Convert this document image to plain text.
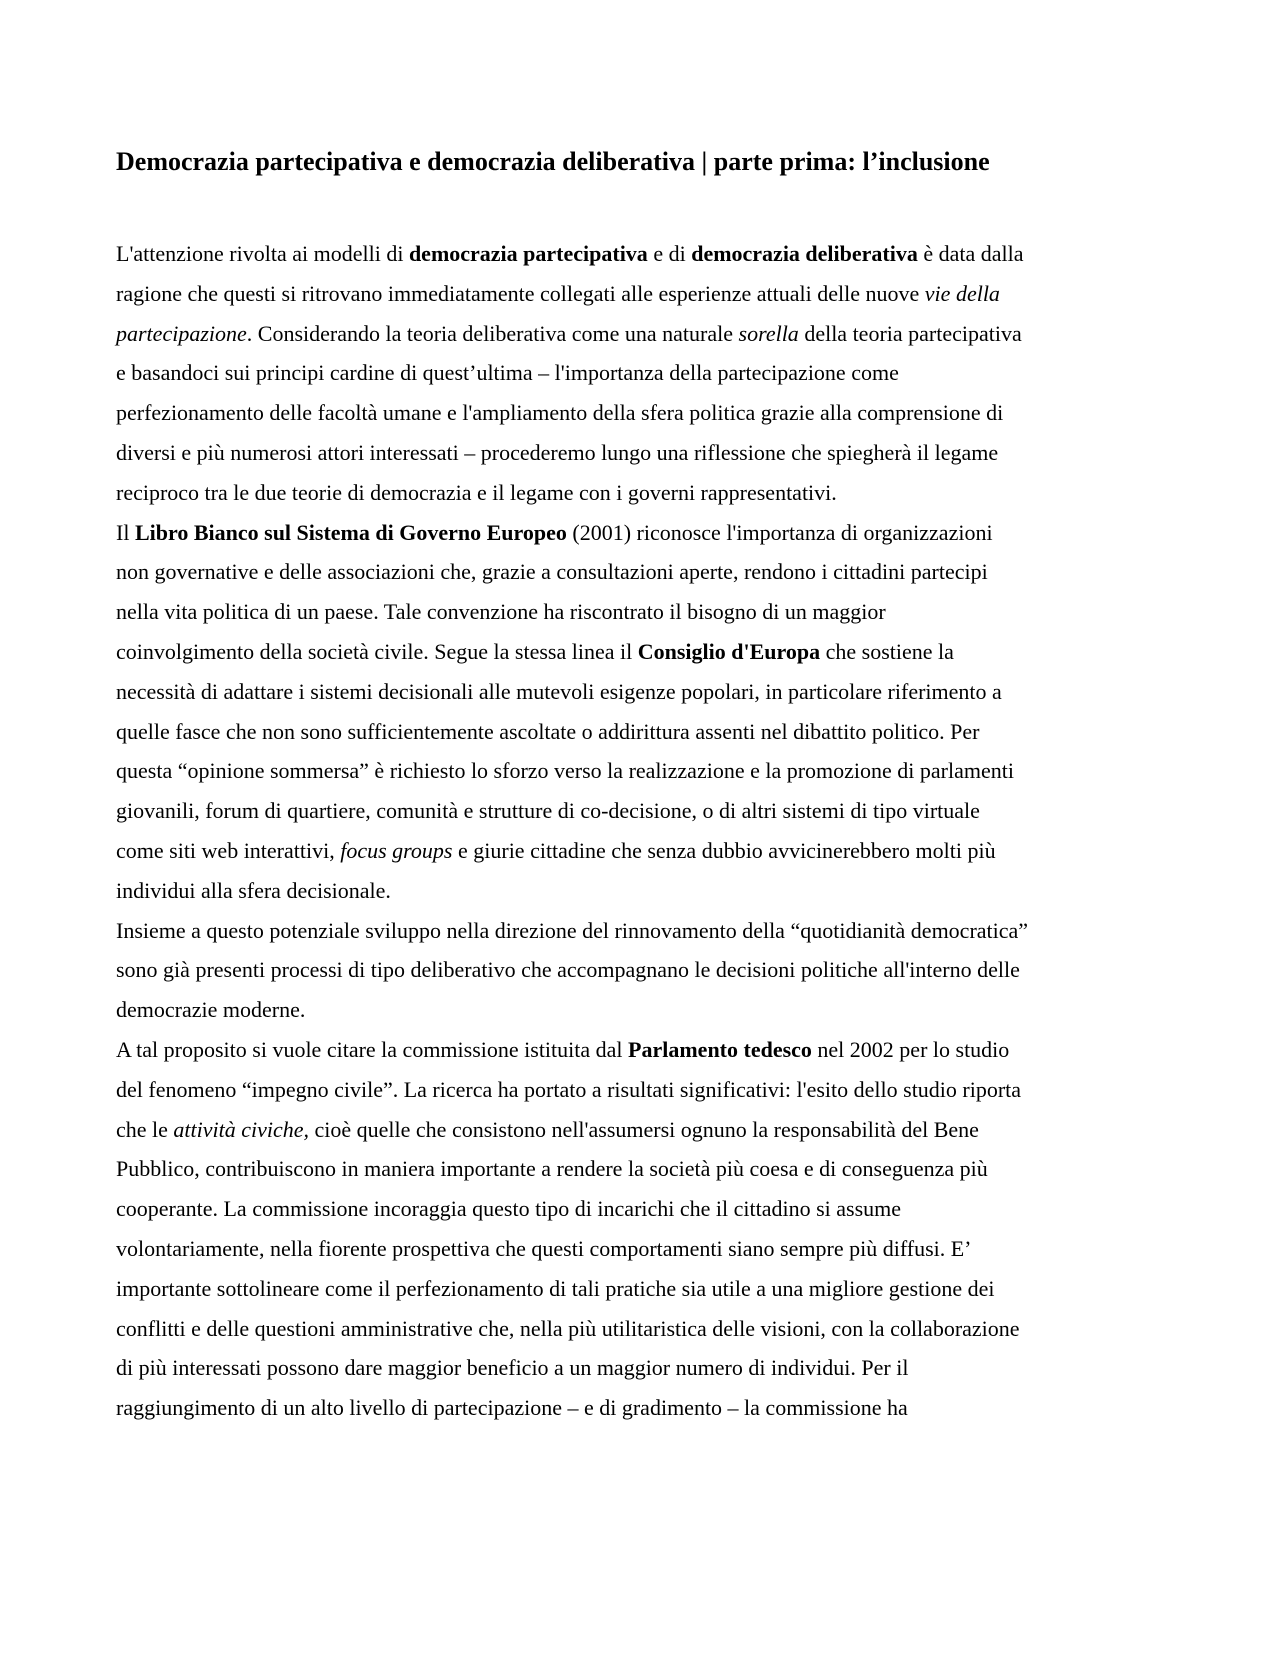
Democrazia partecipativa e democrazia deliberativa | parte prima: l’inclusione

L'attenzione rivolta ai modelli di democrazia partecipativa e di democrazia deliberativa è data dalla

ragione che questi si ritrovano immediatamente collegati alle esperienze attuali delle nuove vie della

partecipazione. Considerando la teoria deliberativa come una naturale sorella della teoria partecipativa

e basandoci sui principi cardine di quest’ultima – l'importanza della partecipazione come

perfezionamento delle facoltà umane e l'ampliamento della sfera politica grazie alla comprensione di

diversi e più numerosi attori interessati – procederemo lungo una riflessione che spiegherà il legame

reciproco tra le due teorie di democrazia e il legame con i governi rappresentativi.

Il Libro Bianco sul Sistema di Governo Europeo (2001) riconosce l'importanza di organizzazioni

non governative e delle associazioni che, grazie a consultazioni aperte, rendono i cittadini partecipi

nella vita politica di un paese. Tale convenzione ha riscontrato il bisogno di un maggior

coinvolgimento della società civile. Segue la stessa linea il Consiglio d'Europa che sostiene la

necessità di adattare i sistemi decisionali alle mutevoli esigenze popolari, in particolare riferimento a

quelle fasce che non sono sufficientemente ascoltate o addirittura assenti nel dibattito politico. Per

questa “opinione sommersa” è richiesto lo sforzo verso la realizzazione e la promozione di parlamenti

giovanili, forum di quartiere, comunità e strutture di co-decisione, o di altri sistemi di tipo virtuale

come siti web interattivi, focus groups e giurie cittadine che senza dubbio avvicinerebbero molti più

individui alla sfera decisionale.

Insieme a questo potenziale sviluppo nella direzione del rinnovamento della “quotidianità democratica”

sono già presenti processi di tipo deliberativo che accompagnano le decisioni politiche all'interno delle

democrazie moderne.

A tal proposito si vuole citare la commissione istituita dal Parlamento tedesco nel 2002 per lo studio

del fenomeno “impegno civile”. La ricerca ha portato a risultati significativi: l'esito dello studio riporta

che le attività civiche, cioè quelle che consistono nell'assumersi ognuno la responsabilità del Bene

Pubblico, contribuiscono in maniera importante a rendere la società più coesa e di conseguenza più

cooperante. La commissione incoraggia questo tipo di incarichi che il cittadino si assume

volontariamente, nella fiorente prospettiva che questi comportamenti siano sempre più diffusi. E’

importante sottolineare come il perfezionamento di tali pratiche sia utile a una migliore gestione dei

conflitti e delle questioni amministrative che, nella più utilitaristica delle visioni, con la collaborazione

di più interessati possono dare maggior beneficio a un maggior numero di individui. Per il

raggiungimento di un alto livello di partecipazione – e di gradimento – la commissione ha
